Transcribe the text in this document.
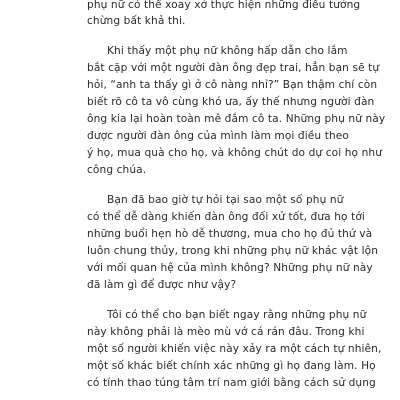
phụ nữ có thể xoay xở thực hiện những điều tưởng
chừng bất khả thi.
Khi thấy một phụ nữ không hấp dẫn cho lắm
bắt cặp với một người đàn ông đẹp trai, hẳn bạn sẽ tự
hỏi, “anh ta thấy gì ở cô nàng nhỉ?” Bạn thậm chí còn
biết rõ cô ta vô cùng khó ưa, ấy thế nhưng người đàn
ông kia lại hoàn toàn mê đắm cô ta. Những phụ nữ này
được người đàn ông của mình làm mọi điều theo
ý họ, mua quà cho họ, và không chút do dự coi họ như
công chúa.
Bạn đã bao giờ tự hỏi tại sao một số phụ nữ
có thể dễ dàng khiến đàn ông đối xử tốt, đưa họ tới
những buổi hẹn hò dễ thương, mua cho họ đủ thứ và
luôn chung thủy, trong khi những phụ nữ khác vật lộn
với mối quan hệ của mình không? Những phụ nữ này
đã làm gì để được như vậy?
Tôi có thể cho bạn biết ngay rằng những phụ nữ
này không phải là mèo mù vớ cá rán đâu. Trong khi
một số người khiến việc này xảy ra một cách tự nhiên,
một số khác biết chính xác những gì họ đang làm. Họ
có tính thao túng tâm trí nam giới bằng cách sử dụng
